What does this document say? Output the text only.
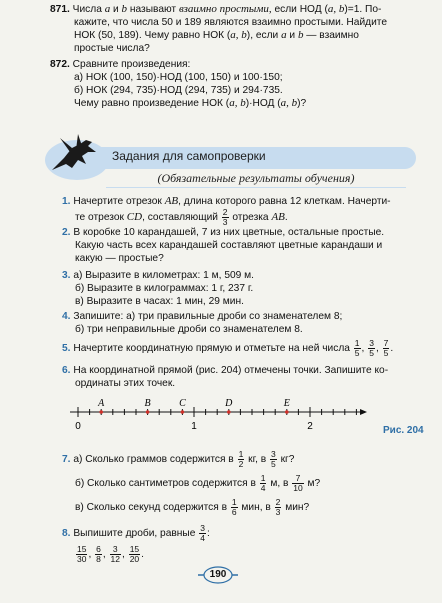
871. Числа a и b называют взаимно простыми, если НОД (a, b)=1. По-
кажите, что числа 50 и 189 являются взаимно простыми. Найдите
НОК (50, 189). Чему равно НОК (a, b), если a и b — взаимно
простые числа?
872. Сравните произведения:
а) НОК (100, 150)·НОД (100, 150) и 100·150;
б) НОК (294, 735)·НОД (294, 735) и 294·735.
Чему равно произведение НОК (a, b)·НОД (a, b)?
Задания для самопроверки
(Обязательные результаты обучения)
1. Начертите отрезок AB, длина которого равна 12 клеткам. Начерти-
те отрезок CD, составляющий $\frac{2}{3}$ отрезка AB.
2. В коробке 10 карандашей, 7 из них цветные, остальные простые.
Какую часть всех карандашей составляют цветные карандаши и
какую — простые?
3. а) Выразите в километрах: 1 м, 509 м.
б) Выразите в килограммах: 1 г, 237 г.
в) Выразите в часах: 1 мин, 29 мин.
4. Запишите: а) три правильные дроби со знаменателем 8;
б) три неправильные дроби со знаменателем 8.
5. Начертите координатную прямую и отметьте на ней числа $\frac{1}{5}$ , $\frac{3}{5}$ , $\frac{7}{5}$ .
6. На координатной прямой (рис. 204) отмечены точки. Запишите ко-
ординаты этих точек.
0	1	2
A	B	C	D	E
Рис. 204
7. а) Сколько граммов содержится в $\frac{1}{2}$ кг, в $\frac{3}{5}$ кг?
б) Сколько сантиметров содержится в $\frac{1}{4} м$, в $\frac{7}{10} м$?
в) Сколько секунд содержится в $\frac{1}{6}$ мин, в $\frac{2}{3}$ мин?
8. Выпишите дроби, равные $\frac{3}{4}$ :
$\frac{15}{30}$ , $\frac{6}{8}$ , $\frac{3}{12}$ , $\frac{15}{20}$ .
190
